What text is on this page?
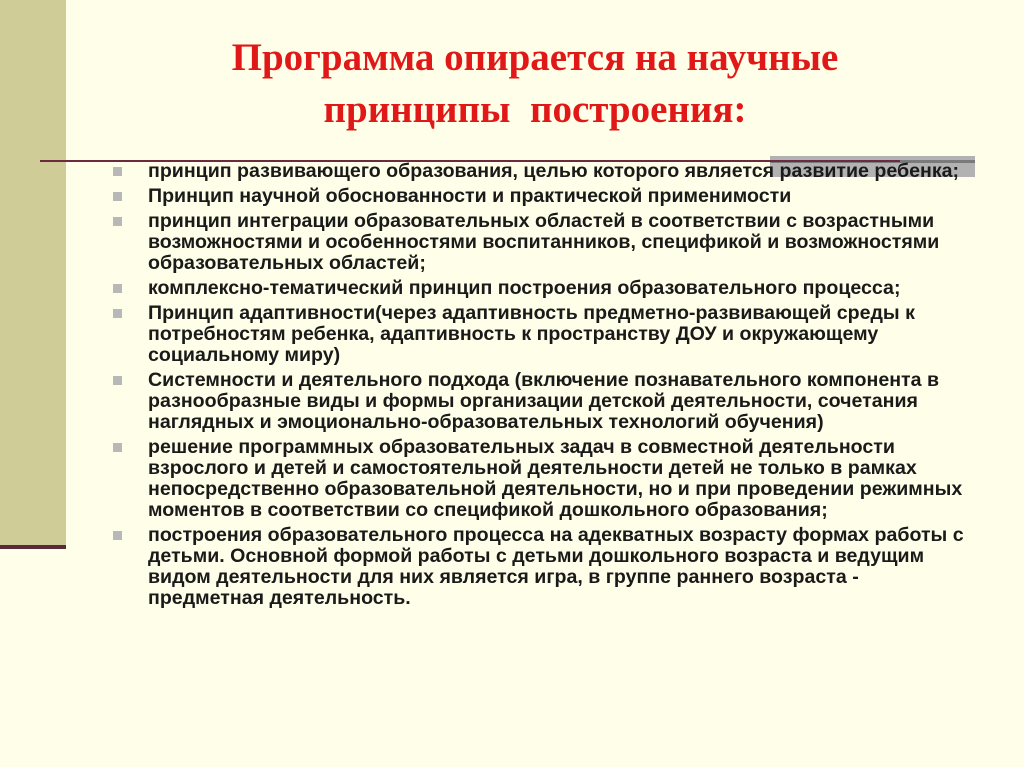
Программа опирается на научные
принципы  построения:
принцип развивающего образования, целью которого является развитие ребенка;
Принцип научной обоснованности и практической применимости
принцип интеграции образовательных областей в соответствии с возрастными возможностями и особенностями воспитанников, спецификой и возможностями образовательных областей;
комплексно-тематический принцип построения образовательного процесса;
Принцип адаптивности(через адаптивность предметно-развивающей среды к потребностям ребенка, адаптивность к пространству ДОУ и окружающему социальному миру)
Системности и деятельного подхода (включение познавательного компонента в разнообразные виды и формы организации детской деятельности, сочетания наглядных и эмоционально-образовательных технологий обучения)
решение программных образовательных задач в совместной деятельности взрослого и детей и самостоятельной деятельности детей не только в рамках непосредственно образовательной деятельности, но и при проведении режимных моментов в соответствии со спецификой дошкольного образования;
построения образовательного процесса на адекватных возрасту формах работы с детьми. Основной формой работы с детьми дошкольного возраста и ведущим видом деятельности для них является игра, в группе раннего возраста - предметная деятельность.
